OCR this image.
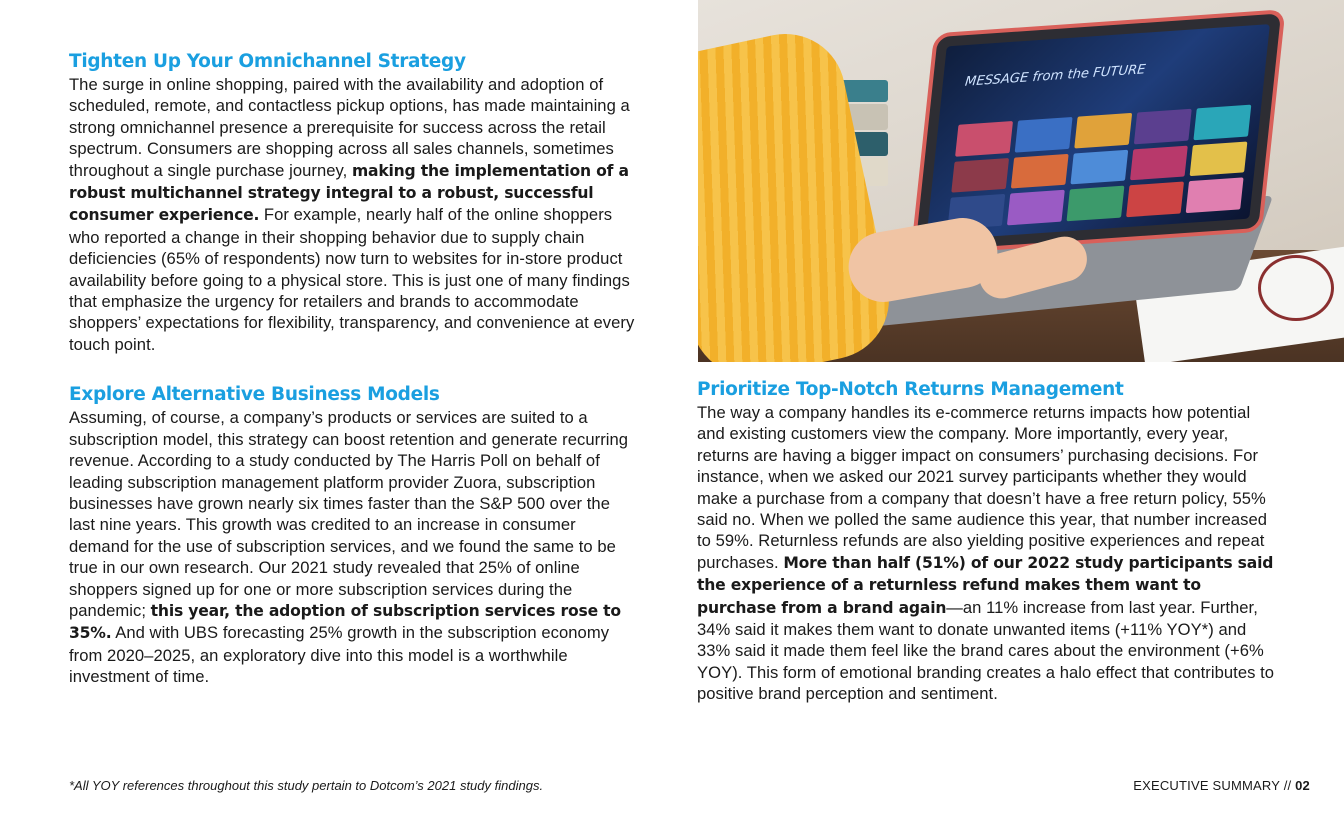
Tighten Up Your Omnichannel Strategy

The surge in online shopping, paired with the availability and adoption of scheduled, remote, and contactless pickup options, has made maintaining a strong omnichannel presence a prerequisite for success across the retail spectrum. Consumers are shopping across all sales channels, sometimes throughout a single purchase journey, making the implementation of a robust multichannel strategy integral to a robust, successful consumer experience. For example, nearly half of the online shoppers who reported a change in their shopping behavior due to supply chain deficiencies (65% of respondents) now turn to websites for in-store product availability before going to a physical store. This is just one of many findings that emphasize the urgency for retailers and brands to accommodate shoppers’ expectations for flexibility, transparency, and convenience at every touch point.

Explore Alternative Business Models

Assuming, of course, a company’s products or services are suited to a subscription model, this strategy can boost retention and generate recurring revenue. According to a study conducted by The Harris Poll on behalf of leading subscription management platform provider Zuora, subscription businesses have grown nearly six times faster than the S&P 500 over the last nine years. This growth was credited to an increase in consumer demand for the use of subscription services, and we found the same to be true in our own research. Our 2021 study revealed that 25% of online shoppers signed up for one or more subscription services during the pandemic; this year, the adoption of subscription services rose to 35%. And with UBS forecasting 25% growth in the subscription economy from 2020–2025, an exploratory dive into this model is a worthwhile investment of time.

MESSAGE from the FUTURE
Prioritize Top-Notch Returns Management

The way a company handles its e-commerce returns impacts how potential and existing customers view the company. More importantly, every year, returns are having a bigger impact on consumers’ purchasing decisions. For instance, when we asked our 2021 survey participants whether they would make a purchase from a company that doesn’t have a free return policy, 55% said no. When we polled the same audience this year, that number increased to 59%. Returnless refunds are also yielding positive experiences and repeat purchases. More than half (51%) of our 2022 study participants said the experience of a returnless refund makes them want to purchase from a brand again—an 11% increase from last year. Further, 34% said it makes them want to donate unwanted items (+11% YOY*) and 33% said it made them feel like the brand cares about the environment (+6% YOY). This form of emotional branding creates a halo effect that contributes to positive brand perception and sentiment.

*All YOY references throughout this study pertain to Dotcom’s 2021 study findings.	EXECUTIVE SUMMARY // 02
